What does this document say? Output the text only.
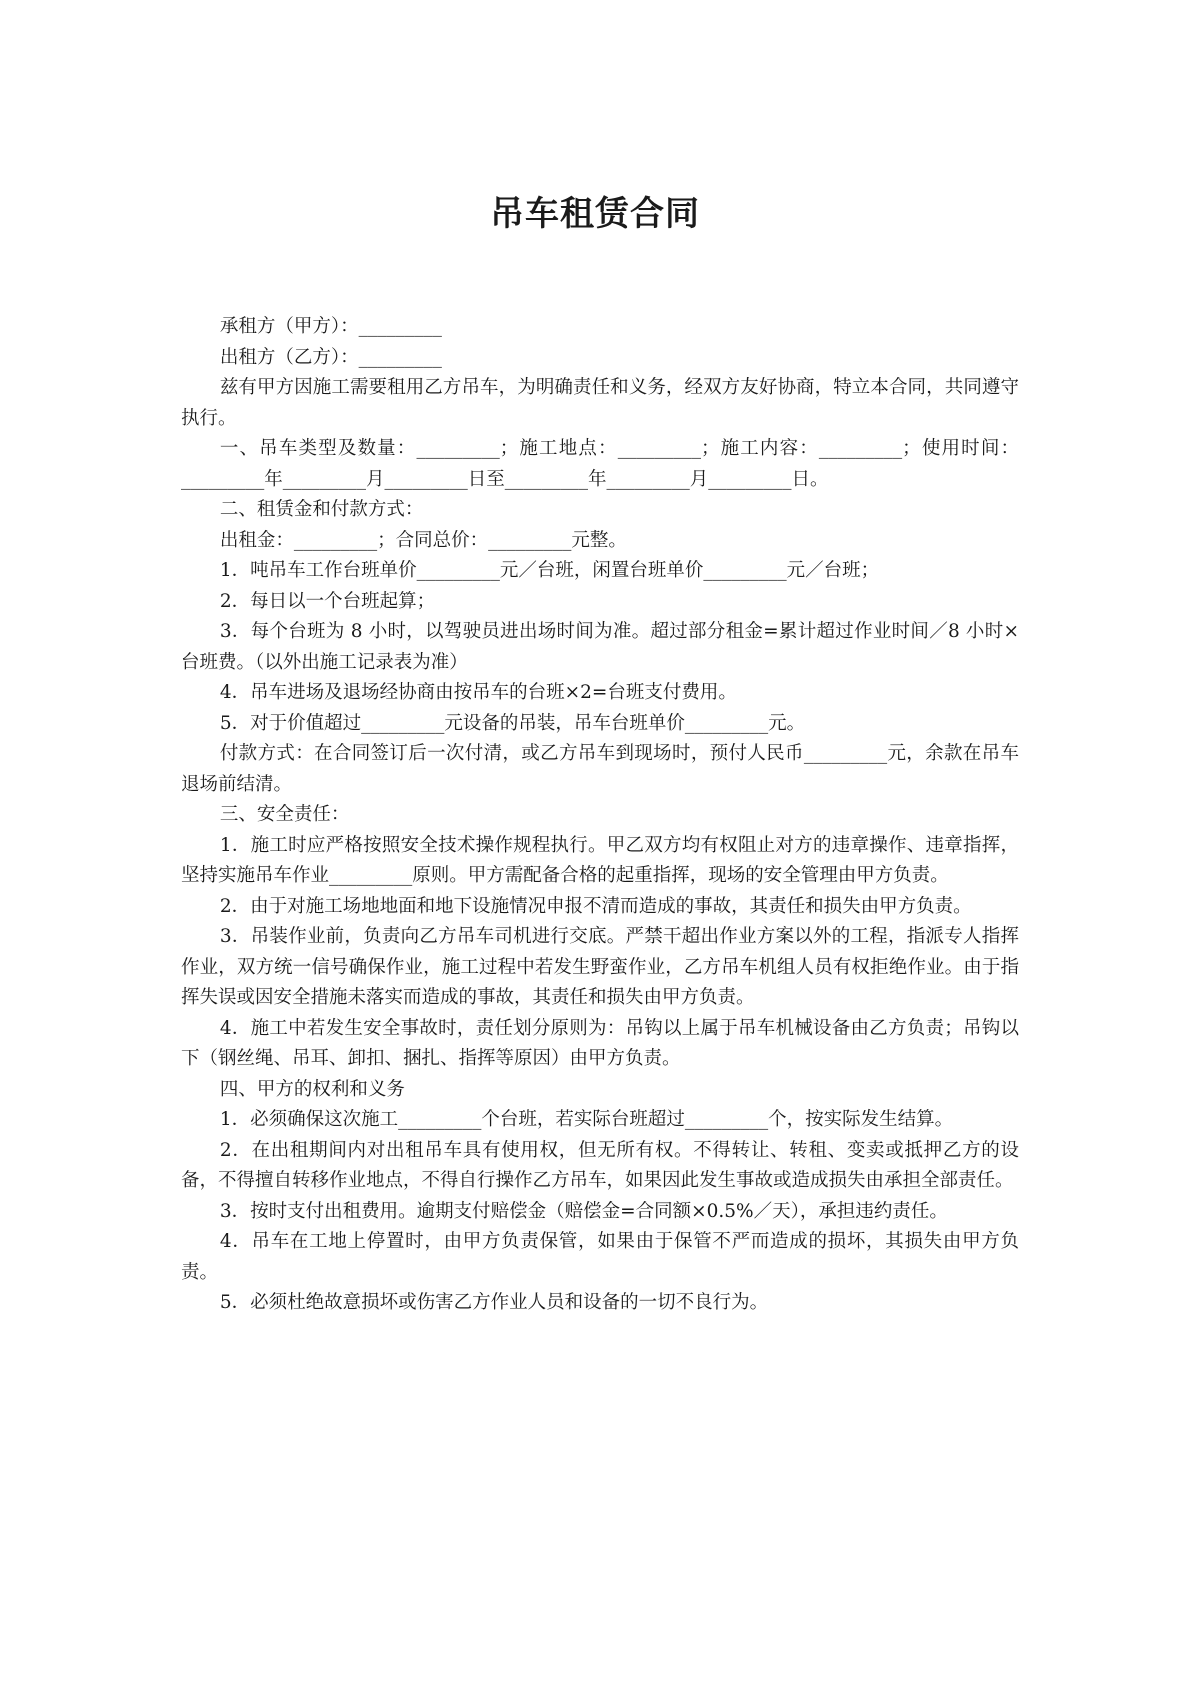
吊车租赁合同

承租方（甲方）：_________

出租方（乙方）：_________

兹有甲方因施工需要租用乙方吊车，为明确责任和义务，经双方友好协商，特立本合同，共同遵守执行。

一、吊车类型及数量：_________；施工地点：_________；施工内容：_________；使用时间：_________年_________月_________日至_________年_________月_________日。

二、租赁金和付款方式：

出租金：_________；合同总价：_________元整。

1．吨吊车工作台班单价_________元／台班，闲置台班单价_________元／台班；

2．每日以一个台班起算；

3．每个台班为 8 小时，以驾驶员进出场时间为准。超过部分租金=累计超过作业时间／8 小时×台班费。（以外出施工记录表为准）

4．吊车进场及退场经协商由按吊车的台班×2=台班支付费用。

5．对于价值超过_________元设备的吊装，吊车台班单价_________元。

付款方式：在合同签订后一次付清，或乙方吊车到现场时，预付人民币_________元，余款在吊车退场前结清。

三、安全责任：

1．施工时应严格按照安全技术操作规程执行。甲乙双方均有权阻止对方的违章操作、违章指挥，坚持实施吊车作业_________原则。甲方需配备合格的起重指挥，现场的安全管理由甲方负责。

2．由于对施工场地地面和地下设施情况申报不清而造成的事故，其责任和损失由甲方负责。

3．吊装作业前，负责向乙方吊车司机进行交底。严禁干超出作业方案以外的工程，指派专人指挥作业，双方统一信号确保作业，施工过程中若发生野蛮作业，乙方吊车机组人员有权拒绝作业。由于指挥失误或因安全措施未落实而造成的事故，其责任和损失由甲方负责。

4．施工中若发生安全事故时，责任划分原则为：吊钩以上属于吊车机械设备由乙方负责；吊钩以下（钢丝绳、吊耳、卸扣、捆扎、指挥等原因）由甲方负责。

四、甲方的权利和义务

1．必须确保这次施工_________个台班，若实际台班超过_________个，按实际发生结算。

2．在出租期间内对出租吊车具有使用权，但无所有权。不得转让、转租、变卖或抵押乙方的设备，不得擅自转移作业地点，不得自行操作乙方吊车，如果因此发生事故或造成损失由承担全部责任。

3．按时支付出租费用。逾期支付赔偿金（赔偿金=合同额×0.5%／天），承担违约责任。

4．吊车在工地上停置时，由甲方负责保管，如果由于保管不严而造成的损坏，其损失由甲方负责。

5．必须杜绝故意损坏或伤害乙方作业人员和设备的一切不良行为。
